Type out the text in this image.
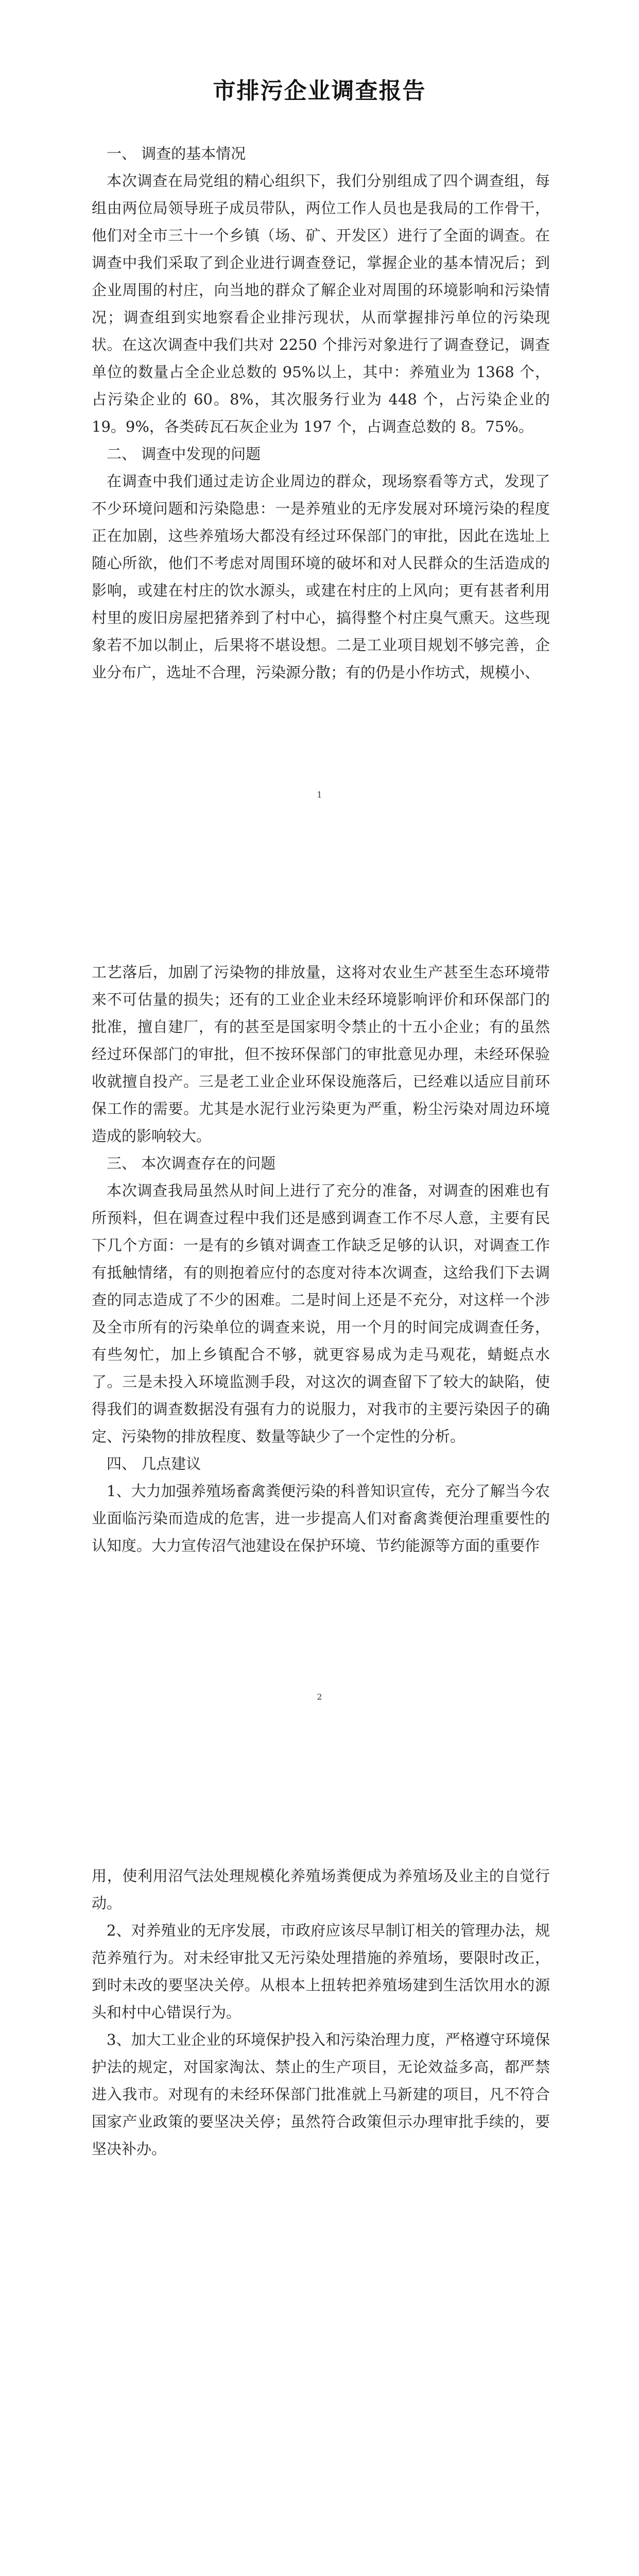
市排污企业调查报告

一、 调查的基本情况

本次调查在局党组的精心组织下，我们分别组成了四个调查组，每组由两位局领导班子成员带队，两位工作人员也是我局的工作骨干，他们对全市三十一个乡镇（场、矿、开发区）进行了全面的调查。在调查中我们采取了到企业进行调查登记，掌握企业的基本情况后；到企业周围的村庄，向当地的群众了解企业对周围的环境影响和污染情况；调查组到实地察看企业排污现状，从而掌握排污单位的污染现状。在这次调查中我们共对 2250 个排污对象进行了调查登记，调查单位的数量占全企业总数的 95%以上，其中：养殖业为 1368 个，占污染企业的 60。8%，其次服务行业为 448 个，占污染企业的 19。9%，各类砖瓦石灰企业为 197 个，占调查总数的 8。75%。

二、 调查中发现的问题

在调查中我们通过走访企业周边的群众，现场察看等方式，发现了不少环境问题和污染隐患：一是养殖业的无序发展对环境污染的程度正在加剧，这些养殖场大都没有经过环保部门的审批，因此在选址上随心所欲，他们不考虑对周围环境的破坏和对人民群众的生活造成的影响，或建在村庄的饮水源头，或建在村庄的上风向；更有甚者利用村里的废旧房屋把猪养到了村中心，搞得整个村庄臭气熏天。这些现象若不加以制止，后果将不堪设想。二是工业项目规划不够完善，企业分布广，选址不合理，污染源分散；有的仍是小作坊式，规模小、

1

工艺落后，加剧了污染物的排放量，这将对农业生产甚至生态环境带来不可估量的损失；还有的工业企业未经环境影响评价和环保部门的批准，擅自建厂，有的甚至是国家明令禁止的十五小企业；有的虽然经过环保部门的审批，但不按环保部门的审批意见办理，未经环保验收就擅自投产。三是老工业企业环保设施落后，已经难以适应目前环保工作的需要。尤其是水泥行业污染更为严重，粉尘污染对周边环境造成的影响较大。

三、 本次调查存在的问题

本次调查我局虽然从时间上进行了充分的准备，对调查的困难也有所预料，但在调查过程中我们还是感到调查工作不尽人意，主要有民下几个方面：一是有的乡镇对调查工作缺乏足够的认识，对调查工作有抵触情绪，有的则抱着应付的态度对待本次调查，这给我们下去调查的同志造成了不少的困难。二是时间上还是不充分，对这样一个涉及全市所有的污染单位的调查来说，用一个月的时间完成调查任务，有些匆忙，加上乡镇配合不够，就更容易成为走马观花，蜻蜓点水了。三是未投入环境监测手段，对这次的调查留下了较大的缺陷，使得我们的调查数据没有强有力的说服力，对我市的主要污染因子的确定、污染物的排放程度、数量等缺少了一个定性的分析。

四、 几点建议

1、大力加强养殖场畜禽粪便污染的科普知识宣传，充分了解当今农业面临污染而造成的危害，进一步提高人们对畜禽粪便治理重要性的认知度。大力宣传沼气池建设在保护环境、节约能源等方面的重要作

2

用，使利用沼气法处理规模化养殖场粪便成为养殖场及业主的自觉行动。

2、对养殖业的无序发展，市政府应该尽早制订相关的管理办法，规范养殖行为。对未经审批又无污染处理措施的养殖场，要限时改正，到时未改的要坚决关停。从根本上扭转把养殖场建到生活饮用水的源头和村中心错误行为。

3、加大工业企业的环境保护投入和污染治理力度，严格遵守环境保护法的规定，对国家淘汰、禁止的生产项目，无论效益多高，都严禁进入我市。对现有的未经环保部门批准就上马新建的项目，凡不符合国家产业政策的要坚决关停；虽然符合政策但示办理审批手续的，要坚决补办。
